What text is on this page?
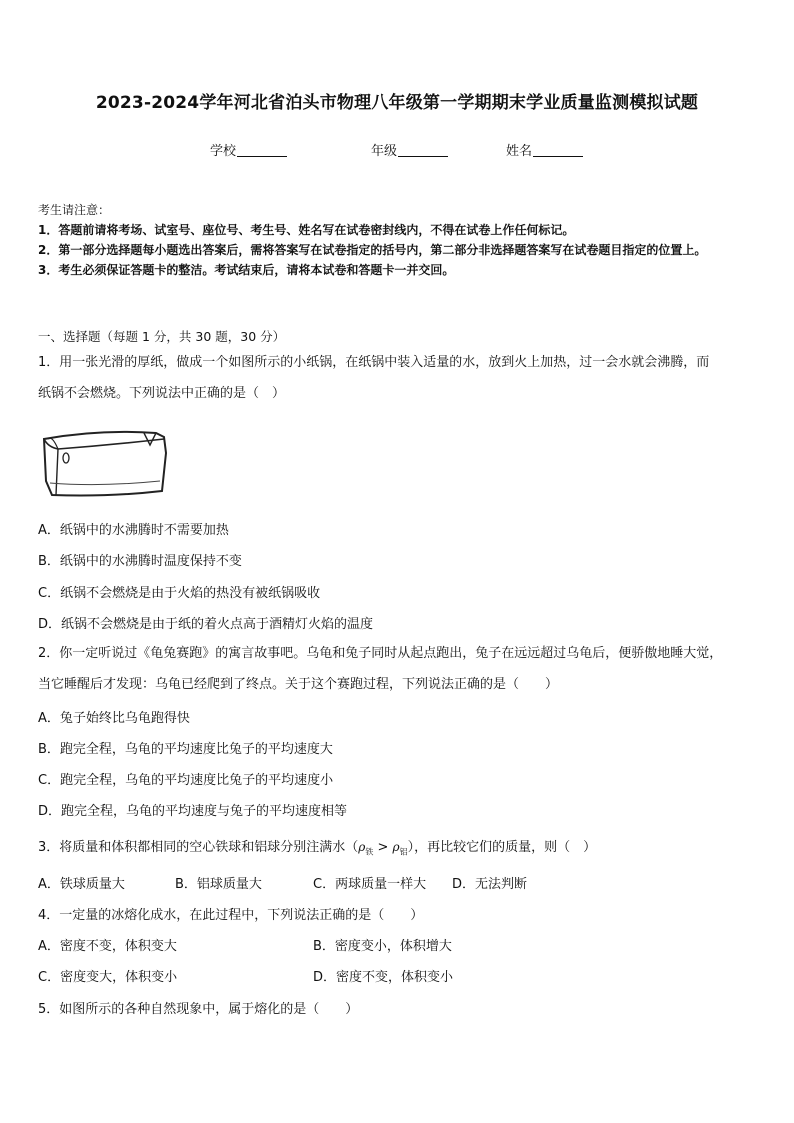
2023-2024学年河北省泊头市物理八年级第一学期期末学业质量监测模拟试题
学校	年级	姓名
考生请注意：
1．答题前请将考场、试室号、座位号、考生号、姓名写在试卷密封线内，不得在试卷上作任何标记。
2．第一部分选择题每小题选出答案后，需将答案写在试卷指定的括号内，第二部分非选择题答案写在试卷题目指定的位置上。
3．考生必须保证答题卡的整洁。考试结束后，请将本试卷和答题卡一并交回。
一、选择题（每题 1 分，共 30 题，30 分）
1．用一张光滑的厚纸，做成一个如图所示的小纸锅，在纸锅中装入适量的水，放到火上加热，过一会水就会沸腾，而
纸锅不会燃烧。下列说法中正确的是（　）
A．纸锅中的水沸腾时不需要加热
B．纸锅中的水沸腾时温度保持不变
C．纸锅不会燃烧是由于火焰的热没有被纸锅吸收
D．纸锅不会燃烧是由于纸的着火点高于酒精灯火焰的温度
2．你一定听说过《龟兔赛跑》的寓言故事吧。乌龟和兔子同时从起点跑出，兔子在远远超过乌龟后，便骄傲地睡大觉，
当它睡醒后才发现：乌龟已经爬到了终点。关于这个赛跑过程，下列说法正确的是（　　）
A．兔子始终比乌龟跑得快
B．跑完全程，乌龟的平均速度比兔子的平均速度大
C．跑完全程，乌龟的平均速度比兔子的平均速度小
D．跑完全程，乌龟的平均速度与兔子的平均速度相等
3．将质量和体积都相同的空心铁球和铝球分别注满水$(\rho_铁 > \rho_铝)$，再比较它们的质量，则（　）
A．铁球质量大	B．铝球质量大	C．两球质量一样大 D．无法判断
4．一定量的冰熔化成水，在此过程中，下列说法正确的是（　　）
A．密度不变，体积变大	B．密度变小，体积增大
C．密度变大，体积变小	D．密度不变，体积变小
5．如图所示的各种自然现象中，属于熔化的是（　　）
